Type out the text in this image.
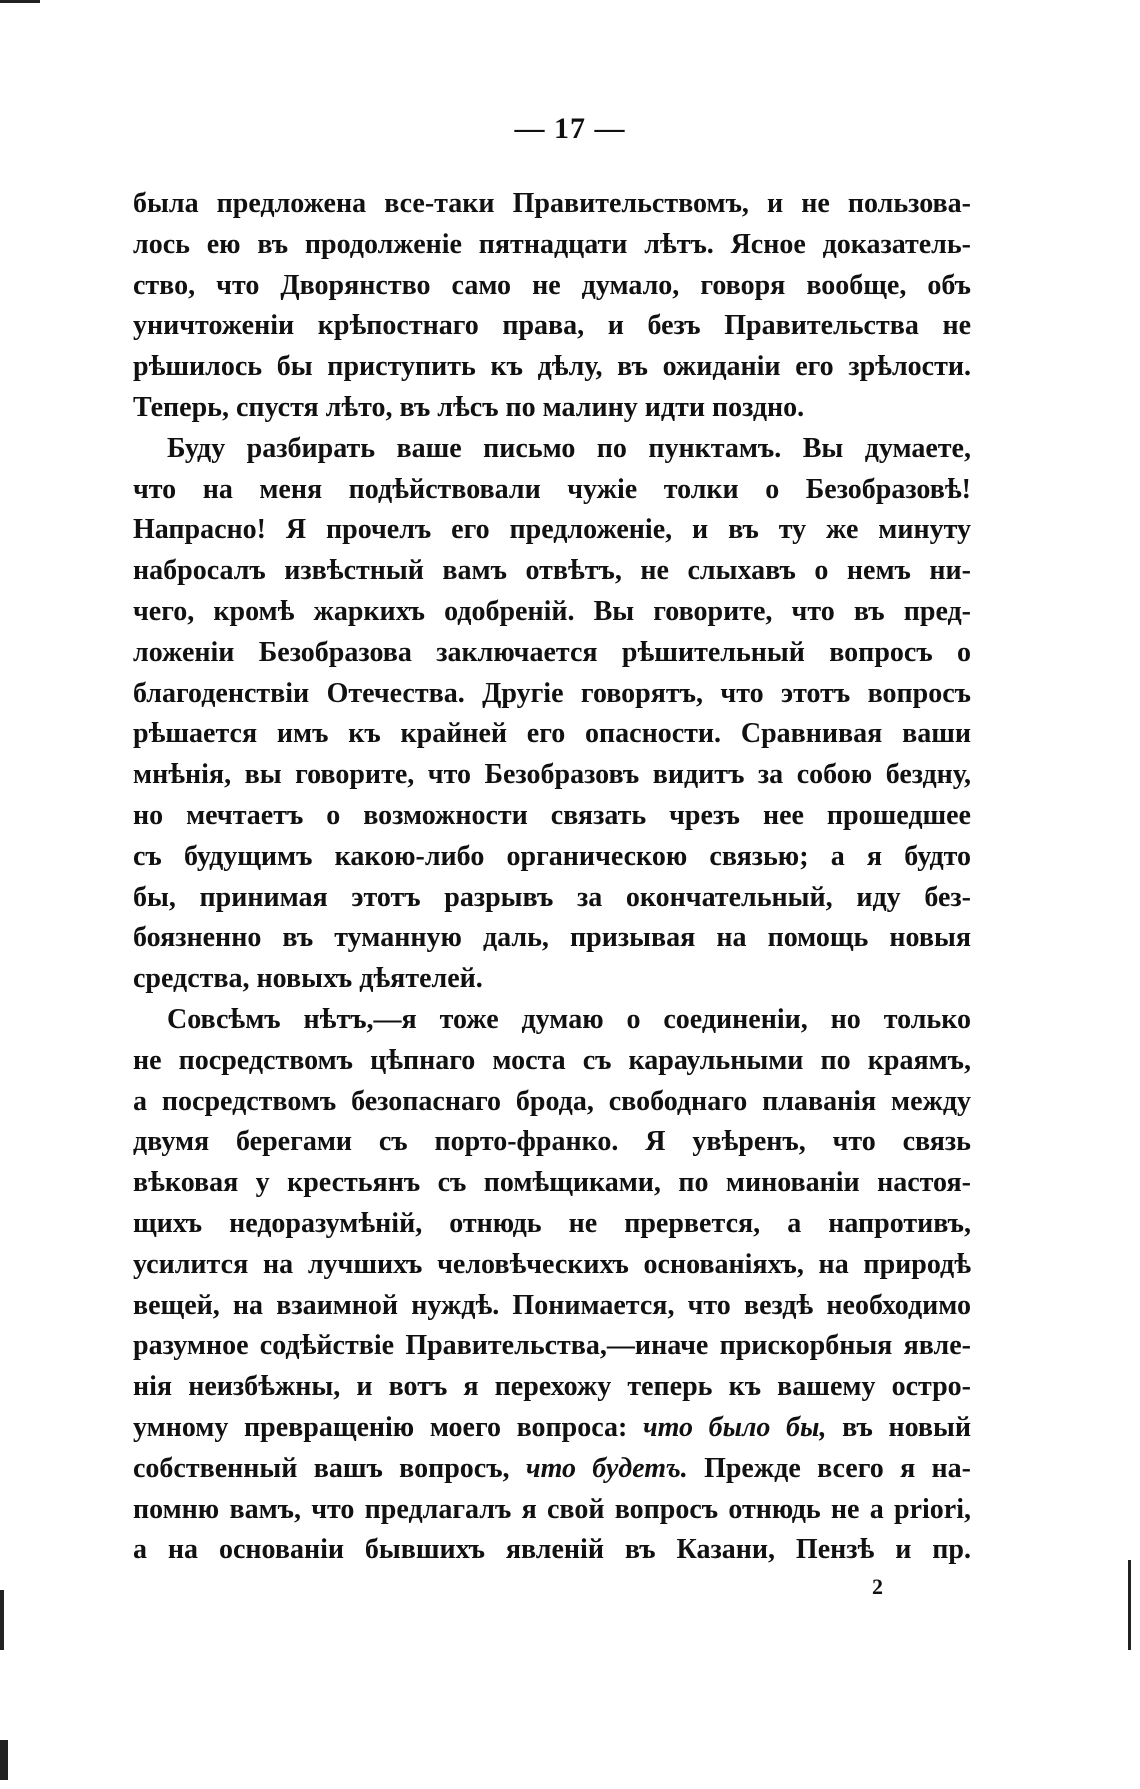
— 17 —
была предложена все-таки Правительствомъ, и не пользова-
лось ею въ продолженіе пятнадцати лѣтъ. Ясное доказатель-
ство, что Дворянство само не думало, говоря вообще, объ
уничтоженіи крѣпостнаго права, и безъ Правительства не
рѣшилось бы приступить къ дѣлу, въ ожиданіи его зрѣлости.
Теперь, спустя лѣто, въ лѣсъ по малину идти поздно.
Буду разбирать ваше письмо по пунктамъ. Вы думаете,
что на меня подѣйствовали чужіе толки о Безобразовѣ!
Напрасно! Я прочелъ его предложеніе, и въ ту же минуту
набросалъ извѣстный вамъ отвѣтъ, не слыхавъ о немъ ни-
чего, кромѣ жаркихъ одобреній. Вы говорите, что въ пред-
ложеніи Безобразова заключается рѣшительный вопросъ о
благоденствіи Отечества. Другіе говорятъ, что этотъ вопросъ
рѣшается имъ къ крайней его опасности. Сравнивая ваши
мнѣнія, вы говорите, что Безобразовъ видитъ за собою бездну,
но мечтаетъ о возможности связать чрезъ нее прошедшее
съ будущимъ какою-либо органическою связью; а я будто
бы, принимая этотъ разрывъ за окончательный, иду без-
боязненно въ туманную даль, призывая на помощь новыя
средства, новыхъ дѣятелей.
Совсѣмъ нѣтъ,—я тоже думаю о соединеніи, но только
не посредствомъ цѣпнаго моста съ караульными по краямъ,
а посредствомъ безопаснаго брода, свободнаго плаванія между
двумя берегами съ порто-франко. Я увѣренъ, что связь
вѣковая у крестьянъ съ помѣщиками, по минованіи настоя-
щихъ недоразумѣній, отнюдь не прервется, а напротивъ,
усилится на лучшихъ человѣческихъ основаніяхъ, на природѣ
вещей, на взаимной нуждѣ. Понимается, что вездѣ необходимо
разумное содѣйствіе Правительства,—иначе прискорбныя явле-
нія неизбѣжны, и вотъ я перехожу теперь къ вашему остро-
умному превращенію моего вопроса: что было бы, въ новый
собственный вашъ вопросъ, что будетъ. Прежде всего я на-
помню вамъ, что предлагалъ я свой вопросъ отнюдь не a priori,
а на основаніи бывшихъ явленій въ Казани, Пензѣ и пр.
2
